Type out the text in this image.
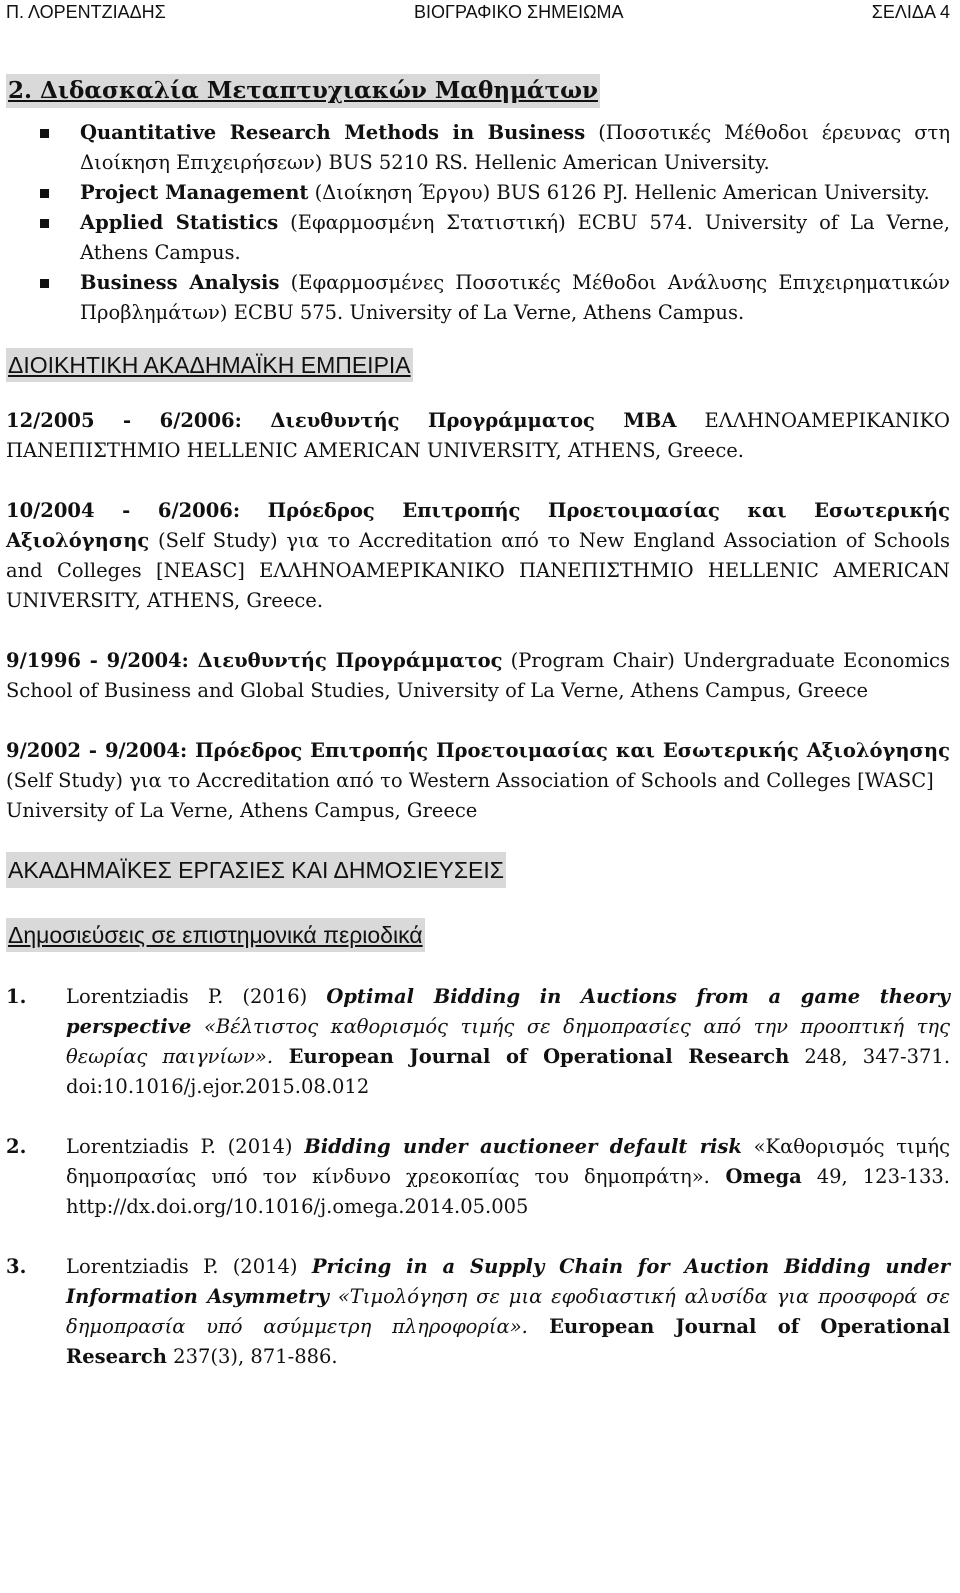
Π. ΛΟΡΕΝΤΖΙΑΔΗΣ	ΒΙΟΓΡΑΦΙΚΟ ΣΗΜΕΙΩΜΑ	ΣΕΛΙΔΑ 4
2. Διδασκαλία Μεταπτυχιακών Μαθημάτων
Quantitative Research Methods in Business (Ποσοτικές Μέθοδοι έρευνας στη Διοίκηση Επιχειρήσεων) BUS 5210 RS. Hellenic American University.
Project Management (Διοίκηση Έργου) BUS 6126 PJ. Hellenic American University.
Applied Statistics (Εφαρμοσμένη Στατιστική) ECBU 574. University of La Verne, Athens Campus.
Business Analysis (Εφαρμοσμένες Ποσοτικές Μέθοδοι Ανάλυσης Επιχειρηματικών Προβλημάτων) ECBU 575. University of La Verne, Athens Campus.
ΔΙΟΙΚΗΤΙΚΗ ΑΚΑΔΗΜΑΪΚΗ ΕΜΠΕΙΡΙΑ

12/2005 - 6/2006: Διευθυντής Προγράμματος MBA ΕΛΛΗΝΟΑΜΕΡΙΚΑΝΙΚΟ ΠΑΝΕΠΙΣΤΗΜΙΟ HELLENIC AMERICAN UNIVERSITY, ATHENS, Greece.

10/2004 - 6/2006: Πρόεδρος Επιτροπής Προετοιμασίας και Εσωτερικής Αξιολόγησης (Self Study) για το Accreditation από το New England Association of Schools and Colleges [NEASC] ΕΛΛΗΝΟΑΜΕΡΙΚΑΝΙΚΟ ΠΑΝΕΠΙΣΤΗΜΙΟ HELLENIC AMERICAN UNIVERSITY, ATHENS, Greece.

9/1996 - 9/2004: Διευθυντής Προγράμματος (Program Chair) Undergraduate Economics School of Business and Global Studies, University of La Verne, Athens Campus, Greece

9/2002 - 9/2004: Πρόεδρος Επιτροπής Προετοιμασίας και Εσωτερικής Αξιολόγησης (Self Study) για το Accreditation από το Western Association of Schools and Colleges [WASC]

University of La Verne, Athens Campus, Greece

ΑΚΑΔΗΜΑΪΚΕΣ ΕΡΓΑΣΙΕΣ ΚΑΙ ΔΗΜΟΣΙΕΥΣΕΙΣ
Δημοσιεύσεις σε επιστημονικά περιοδικά

1. Lorentziadis P. (2016) Optimal Bidding in Auctions from a game theory perspective «Βέλτιστος καθορισμός τιμής σε δημοπρασίες από την προοπτική της θεωρίας παιγνίων». European Journal of Operational Research 248, 347-371. doi:10.1016/j.ejor.2015.08.012

2. Lorentziadis P. (2014) Bidding under auctioneer default risk «Καθορισμός τιμής δημοπρασίας υπό τον κίνδυνο χρεοκοπίας του δημοπράτη». Omega 49, 123-133. http://dx.doi.org/10.1016/j.omega.2014.05.005

3. Lorentziadis P. (2014) Pricing in a Supply Chain for Auction Bidding under Information Asymmetry «Τιμολόγηση σε μια εφοδιαστική αλυσίδα για προσφορά σε δημοπρασία υπό ασύμμετρη πληροφορία». European Journal of Operational Research 237(3), 871-886.
